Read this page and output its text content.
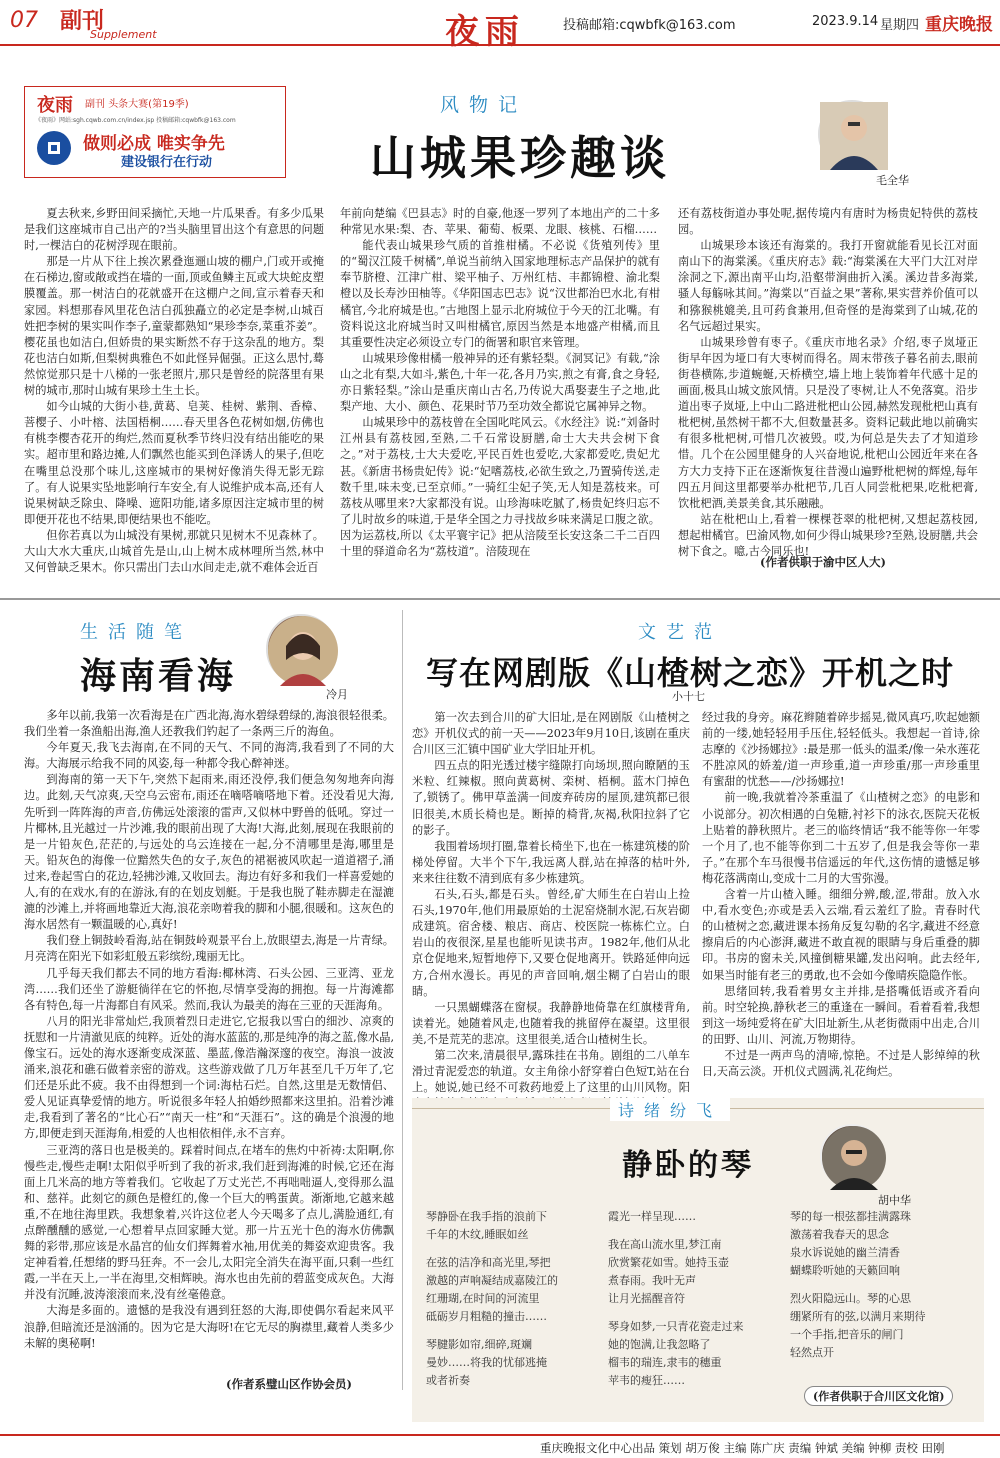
07 副刊
Supplement	夜雨	投稿邮箱:cqwbfk@163.com	2023.9.14 星期四 重庆晚报
夜雨 副刊 头条大赛(第19季)
《夜雨》网站:sgh.cqwb.com.cn/index.jsp 投稿邮箱:cqwbfk@163.com
做则必成 唯实争先
建设银行在行动
风物记
山城果珍趣谈	毛全华

夏去秋来,乡野田间采摘忙,天地一片瓜果香。有多少瓜果是我们这座城市自己出产的?当头脑里冒出这个有意思的问题时,一棵洁白的花树浮现在眼前。

那是一片从下往上挨次累叠迤逦山坡的棚户,门或开或掩在石梯边,窗或敞或挡在墙的一面,顶或鱼鳞主瓦或大块蛇皮塑膜覆盖。那一树洁白的花就盛开在这棚户之间,宣示着春天和家园。料想那春风里花色洁白孤独矗立的必定是李树,山城百姓把李树的果实叫作李子,童蒙都熟知“果珍李奈,菜重芥姜”。樱花虽也如洁白,但娇贵的果实断然不存于这杂乱的地方。梨花也洁白如斯,但梨树典雅色不如此怪异倔强。正这么思忖,蓦然惊觉那只是十八梯的一张老照片,那只是曾经的院落里有果树的城市,那时山城有果珍土生土长。

如今山城的大街小巷,黄葛、皂荚、桂树、紫荆、香樟、菩樱子、小叶榕、法国梧桐……春天里各色花树如烟,仿佛也有桃李樱杏花开的绚烂,然而夏秋季节终归没有结出能吃的果实。超市里和路边摊,人们飘然也能买到色泽诱人的果子,但吃在嘴里总没那个味儿,这座城市的果树好像消失得无影无踪了。有人说果实坠地影响行车安全,有人说维护成本高,还有人说果树缺乏除虫、降噪、遮阳功能,诸多原因注定城市里的树即便开花也不结果,即便结果也不能吃。

但你若真以为山城没有果树,那就只见树木不见森林了。大山大水大重庆,山城首先是山,山上树木成林哩所当然,林中又何曾缺乏果木。你只需出门去山水间走走,就不难体会近百

年前向楚编《巴县志》时的自豪,他逐一罗列了本地出产的二十多种常见水果:梨、杏、苹果、葡萄、板栗、龙眼、核桃、石榴……

能代表山城果珍气质的首推柑橘。不必说《货殖列传》里的“蜀汉江陵千树橘”,单说当前纳入国家地理标志产品保护的就有奉节脐橙、江津广柑、梁平柚子、万州红桔、丰都锦橙、渝北梨橙以及长寿沙田柚等。《华阳国志巴志》说“汉世都治巴水北,有柑橘官,今北府城是也。”古地图上显示北府城位于今天的江北嘴。有资料说这北府城当时又叫柑橘官,原因当然是本地盛产柑橘,而且其重要性决定必须设立专门的衙署和职官来管理。

山城果珍像柑橘一般神异的还有紫轻梨。《洞冥记》有载,“涂山之北有梨,大如斗,紫色,十年一花,各月乃实,煎之有膏,食之身轻,亦日紫轻梨。”涂山是重庆南山古名,乃传说大禹娶妻生子之地,此梨产地、大小、颜色、花果时节乃至功效全都说它属神异之物。

山城果珍中的荔枝曾在全国叱咤风云。《水经注》说:“刘备时江州县有荔枝园,至熟,二千石常设厨膳,命士大夫共会树下食之。”对于荔枝,士大夫爱吃,平民百姓也爱吃,大家都爱吃,贵妃尤甚。《新唐书杨贵妃传》说:“妃嗜荔枝,必欲生致之,乃置骑传送,走数千里,味未变,已至京师。”一骑红尘妃子笑,无人知是荔枝来。可荔枝从哪里来?大家都没有说。山珍海味吃腻了,杨贵妃终归忘不了儿时故乡的味道,于是华全国之力寻找故乡味来满足口腹之欲。因为运荔枝,所以《太平寰宇记》把从涪陵至长安这条二千二百四十里的驿道命名为“荔枝道”。涪陵现在

还有荔枝街道办事处呢,据传境内有唐时为杨贵妃特供的荔枝园。

山城果珍本该还有海棠的。我打开窗就能看见长江对面南山下的海棠溪。《重庆府志》载:“海棠溪在大平门大江对岸涂洞之下,源出南平山均,沿壑带涧曲折入溪。溪边昔多海棠,骚人每觞咏其间。”海棠以“百益之果”著称,果实营养价值可以和猕猴桃媲美,且可药食兼用,但奇怪的是海棠到了山城,花的名气远超过果实。

山城果珍曾有枣子。《重庆市地名录》介绍,枣子岚垭正街早年因为垭口有大枣树而得名。周末带孩子暮名前去,眼前街巷横陈,步道蜿蜒,天桥横空,墙上地上装饰着年代感十足的画面,极具山城文旅风情。只是没了枣树,让人不免落寞。沿步道出枣子岚垭,上中山二路进枇杷山公园,赫然发现枇杷山真有枇杷树,虽然树干都不大,但数量甚多。资料记载此地以前确实有很多枇杷树,可惜几次被毁。哎,为何总是失去了才知道珍惜。几个在公园里健身的人兴奋地说,枇杷山公园近年来在各方大力支持下正在逐渐恢复往昔漫山遍野枇杷树的辉煌,每年四五月间这里都要举办枇杷节,几百人同尝枇杷果,吃枇杷膏,饮枇杷酒,美景美食,其乐融融。

站在枇杷山上,看着一棵棵苍翠的枇杷树,又想起荔枝园,想起柑橘官。巴渝风物,如何少得山城果珍?至熟,设厨膳,共会树下食之。噫,古今同乐也!

(作者供职于渝中区人大)
生活随笔
海南看海	冷月

多年以前,我第一次看海是在广西北海,海水碧绿碧绿的,海浪很轻很柔。我们坐着一条渔船出海,渔人还教我们钓起了一条两三斤的海鱼。

今年夏天,我飞去海南,在不同的天气、不同的海湾,我看到了不同的大海。大海展示给我不同的风姿,每一种都令我心醉神迷。

到海南的第一天下午,突然下起雨来,雨还没停,我们便急匆匆地奔向海边。此刻,天气凉爽,天空乌云密布,雨还在嘀嗒嘀嗒地下着。还没看见大海,先听到一阵阵海的声音,仿佛远处滚滚的雷声,又似林中野兽的低吼。穿过一片椰林,且光越过一片沙滩,我的眼前出现了大海!大海,此刻,展现在我眼前的是一片铅灰色,茫茫的,与远处的乌云连接在一起,分不清哪里是海,哪里是天。铅灰色的海像一位黯然失色的女子,灰色的裙裾被风吹起一道道褶子,涌过来,卷起雪白的花边,轻拂沙滩,又收回去。海边有好多和我们一样喜爱她的人,有的在戏水,有的在游泳,有的在划皮划艇。于是我也脱了鞋赤脚走在湿漉漉的沙滩上,并将画地靠近大海,浪花亲吻着我的脚和小腿,很暖和。这灰色的海水居然有一颗温暖的心,真好!

我们登上铜鼓岭看海,站在铜鼓岭观景平台上,放眼望去,海是一片青绿。月亮湾在阳光下如彩虹般五彩缤纷,瑰丽无比。

几乎每天我们都去不同的地方看海:椰林湾、石头公园、三亚湾、亚龙湾……我们还坐了游艇徜徉在它的怀抱,尽情享受海的拥抱。每一片海滩都各有特色,每一片海都自有风采。然而,我认为最美的海在三亚的天涯海角。

八月的阳光非常灿烂,我顶着烈日走进它,它报我以雪白的细沙、凉爽的抚慰和一片清澈见底的纯粹。近处的海水蓝蓝的,那是纯净的海之蓝,像水晶,像宝石。远处的海水逐渐变成深蓝、墨蓝,像浩瀚深邃的夜空。海浪一波波涌来,浪花和礁石做着亲密的游戏。这些游戏做了几万年甚至几千万年了,它们还是乐此不疲。我不由得想到一个词:海枯石烂。自然,这里是无数情侣、爱人见证真挚爱情的地方。听说很多年轻人拍婚纱照都来这里拍。沿着沙滩走,我看到了著名的“比心石”“南天一柱”和“天涯石”。这的确是个浪漫的地方,即便走到天涯海角,相爱的人也相依相伴,永不言弃。

三亚湾的落日也是极美的。踩着时间点,在堵车的焦灼中祈祷:太阳啊,你慢些走,慢些走啊!太阳似乎听到了我的祈求,我们赶到海滩的时候,它还在海面上几米高的地方等着我们。它收起了万丈光芒,不再咄咄逼人,变得那么温和、慈祥。此刻它的颜色是橙红的,像一个巨大的鸭蛋黄。渐渐地,它越来越重,不在地往海里跌。我想象着,兴许这位老人今天喝多了点儿,满脸通红,有点醉醺醺的感觉,一心想着早点回家睡大觉。那一片五光十色的海水仿佛飘舞的彩带,那应该是水晶宫的仙女们挥舞着水袖,用优美的舞姿欢迎贵客。我定神看着,任想绪的野马狂奔。不一会儿,太阳完全消失在海平面,只剩一些红霞,一半在天上,一半在海里,交相辉映。海水也由先前的碧蓝变成灰色。大海并没有沉睡,波涛滚滚而来,没有丝毫倦意。

大海是多面的。遗憾的是我没有遇到狂怒的大海,即使偶尔看起来风平浪静,但暗流还是汹涌的。因为它是大海呀!在它无尽的胸襟里,藏着人类多少未解的奥秘啊!

(作者系璧山区作协会员)
文艺范
写在网剧版《山楂树之恋》开机之时
小十七

第一次去到合川的矿大旧址,是在网剧版《山楂树之恋》开机仪式的前一天——2023年9月10日,该剧在重庆合川区三汇镇中国矿业大学旧址开机。

四五点的阳光透过楼宇缝隙打向场坝,照向瞭陋的玉米粒、红辣椒。照向黄葛树、栾树、梧桐。蓝木门掉色了,锁锈了。佛甲草盖满一间废弃砖房的屋顶,建筑都已很旧很美,木质长椅也是。断掉的椅背,灰褐,秋阳拉斜了它的影子。

我围着场坝打圈,靠着长椅坐下,也在一栋建筑楼的阶梯处停留。大半个下午,我远离人群,站在掉落的枯叶外,来来往往数不清到底有多少栋建筑。

石头,石头,都是石头。曾经,矿大师生在白岩山上捡石头,1970年,他们用最原始的土泥窑烧制水泥,石灰岩砌成建筑。宿舍楼、粮店、商店、校医院一栋栋伫立。白岩山的夜很深,星星也能听见读书声。1982年,他们从北京仓促地来,短暂地停下,又要仓促地离开。铁路延伸向远方,合州水漫长。再见的声音回响,烟尘糊了白岩山的眼睛。

一只黑蝴蝶落在窗棂。我静静地倚靠在红旗楼背角,读着光。她随着风走,也随着我的挑留停在凝望。这里很美,不是荒芜的悲凉。这里很美,适合山楂树生长。

第二次来,清晨很早,露珠挂在书角。剧组的二八单车滑过青泥爱恋的轨道。女主角徐小舒穿着白色短T,站在台上。她说,她已经不可救药地爱上了这里的山川风物。阳

经过我的身旁。麻花辫随着碎步摇晃,微风真巧,吹起她额前的一缕,她轻轻用手压住,轻轻低头。我想起一首诗,徐志摩的《沙扬娜拉》:最是那一低头的温柔/像一朵水莲花不胜凉风的娇羞/道一声珍重,道一声珍重/那一声珍重里有蜜甜的忧愁——/沙扬娜拉!

前一晚,我就着冷茶重温了《山楂树之恋》的电影和小说部分。初次相遇的白兔糖,衬衫下的泳衣,医院天花板上贴着的静秋照片。老三的临终情话“我不能等你一年零一个月了,也不能等你到二十五岁了,但是我会等你一辈子。”在那个车马很慢书信遥远的年代,这伤情的遗憾足够梅花落满南山,变成十二月的大雪弥漫。

含着一片山楂入睡。细细分辨,酸,涩,带甜。放入水中,看水变色;亦或是丢入云端,看云羞红了脸。青春时代的山楂树之恋,藏进课本扬角反复勾勒的名字,藏进不经意擦肩后的内心澎湃,藏进不敢直视的眼睛与身后重叠的脚印。书房的窗未关,风撞倒糖果罐,发出闷响。此去经年,如果当时能有老三的勇敢,也不会如今像晴疾隐隐作怅。

思绪回转,我看着男女主并排,是搭嘴低语或齐看向前。时空轮换,静秋老三的重逢在一瞬间。看着看着,我想到这一场纯爱将在矿大旧址新生,从老街微雨中出走,合川的田野、山川、河流,万物期待。

不过是一两声鸟的清啼,惊艳。不过是人影绰绰的秋日,天高云淡。开机仪式圆满,礼花绚烂。

诗绪纷飞
静卧的琴
胡中华

琴静卧在我手指的浪前下
千年的木纹,睡眠如丝

在弦的洁净和高光里,琴把
激越的声响凝结成嘉陵江的
红珊瑚,在时间的河流里
砥砺岁月粗糙的撞击……

琴腱影如帘,细碎,斑斓
曼妙……将我的忧郁逃掩
或者祈奏

霞光一样呈现……

我在高山流水里,梦江南
欣赏繁花如雪。她持玉壶
煮春雨。我叶无声
让月光摇醒音符

琴身如梦,一只青花瓷走过来
她的饱满,让我忽略了
榴韦的瑞连,隶韦的穗重
苹韦的瘦狂……

琴的每一根弦都挂满露珠
激荡着我春天的思念
泉水诉说她的幽兰清香
蝴蝶聆听她的天籁回响

烈火阳隐远山。琴的心思
绷紧所有的弦,以满月来期待
一个手指,把音乐的闸门
轻然点开

(作者供职于合川区文化馆)
重庆晚报文化中心出品 策划 胡万俊 主编 陈广庆 责编 钟斌 美编 钟柳 责校 田刚
